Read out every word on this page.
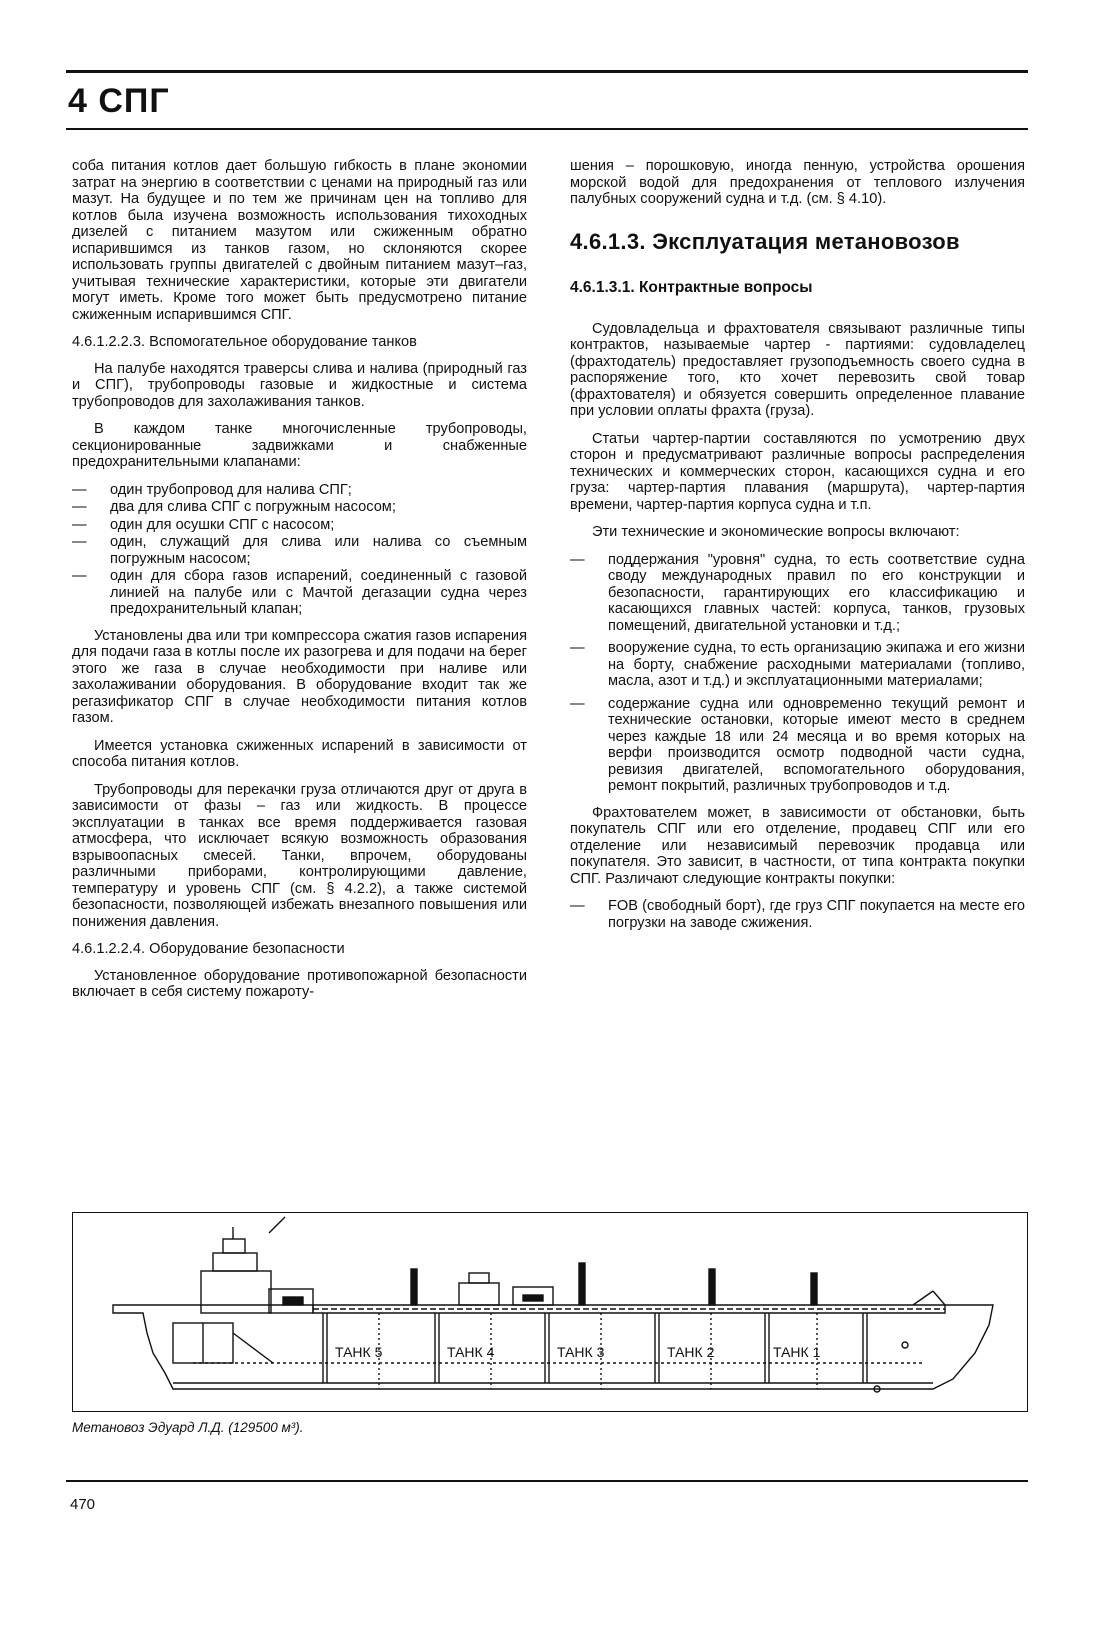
4 СПГ

соба питания котлов дает большую гибкость в плане экономии затрат на энергию в соответствии с ценами на природный газ или мазут. На будущее и по тем же причинам цен на топливо для котлов была изучена возможность использования тихоходных дизелей с питанием мазутом или сжиженным обратно испарившимся из танков газом, но склоняются скорее использовать группы двигателей с двойным питанием мазут–газ, учитывая технические характеристики, которые эти двигатели могут иметь. Кроме того может быть предусмотрено питание сжиженным испарившимся СПГ.

4.6.1.2.2.3. Вспомогательное оборудование танков

На палубе находятся траверсы слива и налива (природный газ и СПГ), трубопроводы газовые и жидкостные и система трубопроводов для захолаживания танков.

В каждом танке многочисленные трубопроводы, секционированные задвижками и снабженные предохранительными клапанами:

— один трубопровод для налива СПГ;
— два для слива СПГ с погружным насосом;
— один для осушки СПГ с насосом;
— один, служащий для слива или налива со съемным погружным насосом;
— один для сбора газов испарений, соединенный с газовой линией на палубе или с Мачтой дегазации судна через предохранительный клапан;

Установлены два или три компрессора сжатия газов испарения для подачи газа в котлы после их разогрева и для подачи на берег этого же газа в случае необходимости при наливе или захолаживании оборудования. В оборудование входит так же регазификатор СПГ в случае необходимости питания котлов газом.

Имеется установка сжиженных испарений в зависимости от способа питания котлов.

Трубопроводы для перекачки груза отличаются друг от друга в зависимости от фазы – газ или жидкость. В процессе эксплуатации в танках все время поддерживается газовая атмосфера, что исключает всякую возможность образования взрывоопасных смесей. Танки, впрочем, оборудованы различными приборами, контролирующими давление, температуру и уровень СПГ (см. § 4.2.2), а также системой безопасности, позволяющей избежать внезапного повышения или понижения давления.

4.6.1.2.2.4. Оборудование безопасности

Установленное оборудование противопожарной безопасности включает в себя систему пожароту-

шения – порошковую, иногда пенную, устройства орошения морской водой для предохранения от теплового излучения палубных сооружений судна и т.д. (см. § 4.10).

4.6.1.3. Эксплуатация метановозов
4.6.1.3.1. Контрактные вопросы

Судовладельца и фрахтователя связывают различные типы контрактов, называемые чартер - партиями: судовладелец (фрахтодатель) предоставляет грузоподъемность своего судна в распоряжение того, кто хочет перевозить свой товар (фрахтователя) и обязуется совершить определенное плавание при условии оплаты фрахта (груза).

Статьи чартер-партии составляются по усмотрению двух сторон и предусматривают различные вопросы распределения технических и коммерческих сторон, касающихся судна и его груза: чартер-партия плавания (маршрута), чартер-партия времени, чартер-партия корпуса судна и т.п.

Эти технические и экономические вопросы включают:

— поддержания "уровня" судна, то есть соответствие судна своду международных правил по его конструкции и безопасности, гарантирующих его классификацию и касающихся главных частей: корпуса, танков, грузовых помещений, двигательной установки и т.д.;
— вооружение судна, то есть организацию экипажа и его жизни на борту, снабжение расходными материалами (топливо, масла, азот и т.д.) и эксплуатационными материалами;
— содержание судна или одновременно текущий ремонт и технические остановки, которые имеют место в среднем через каждые 18 или 24 месяца и во время которых на верфи производится осмотр подводной части судна, ревизия двигателей, вспомогательного оборудования, ремонт покрытий, различных трубопроводов и т.д.

Фрахтователем может, в зависимости от обстановки, быть покупатель СПГ или его отделение, продавец СПГ или его отделение или независимый перевозчик продавца или покупателя. Это зависит, в частности, от типа контракта покупки СПГ. Различают следующие контракты покупки:

— FOB (свободный борт), где груз СПГ покупается на месте его погрузки на заводе сжижения.
ТАНК 5	ТАНК 4	ТАНК 3	ТАНК 2	ТАНК 1
Метановоз Эдуард Л.Д. (129500 м³).
470
